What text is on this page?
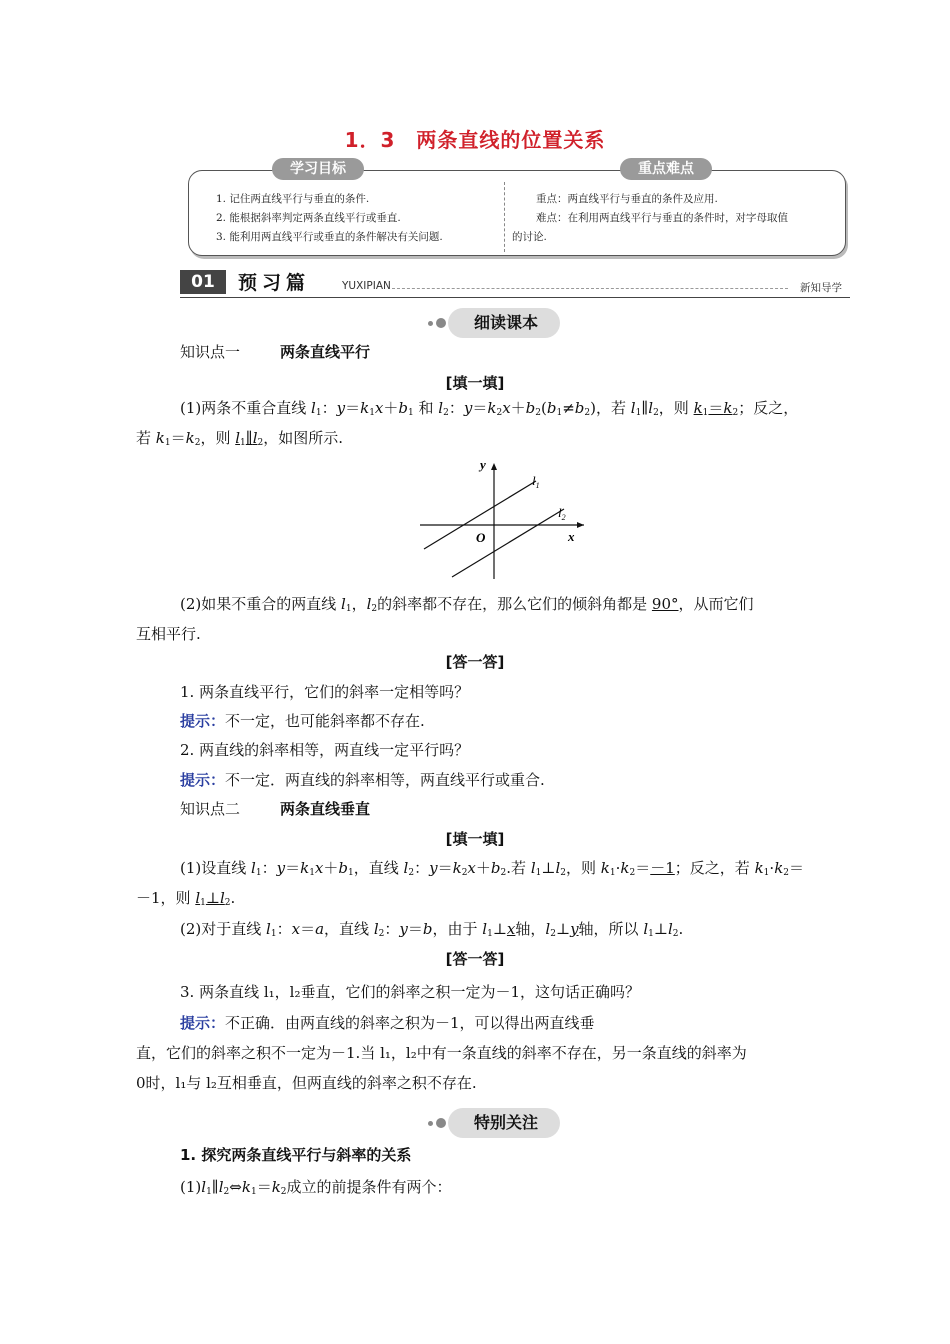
1．3　两条直线的位置关系
学习目标	重点难点
1. 记住两直线平行与垂直的条件.
2. 能根据斜率判定两条直线平行或垂直.
3. 能利用两直线平行或垂直的条件解决有关问题.
重点：两直线平行与垂直的条件及应用.
难点：在利用两直线平行与垂直的条件时，对字母取值
的讨论.
01	预习篇	YUXIPIAN	新知导学
细读课本
知识点一	两条直线平行
[填一填]
(1)两条不重合直线 $l_1$：$y=k_1x+b_1$ 和 $l_2$：$y=k_2x+b_2(b_1\ne b_2)$，若 $l_1\parallel l_2$，则 $k_1=k_2$；反之，
若 $k_1=k_2$，则 $l_1\parallel l_2$，如图所示.
y
x
O
$l_1$
$l_2$
(2)如果不重合的两直线 $l_1$，$l_2$的斜率都不存在，那么它们的倾斜角都是 90°，从而它们
互相平行.
[答一答]
1. 两条直线平行，它们的斜率一定相等吗？
提示：不一定，也可能斜率都不存在.
2. 两直线的斜率相等，两直线一定平行吗？
提示：不一定．两直线的斜率相等，两直线平行或重合.
知识点二	两条直线垂直
[填一填]
(1)设直线 $l_1$：$y=k_1x+b_1$，直线 $l_2$：$y=k_2x+b_2$.若 $l_1\perp l_2$，则 $k_1\cdot k_2=-1$；反之，若 $k_1\cdot k_2=$
－1，则 $l_1\perp l_2$.
(2)对于直线 $l_1$：x＝a，直线 $l_2$：y＝b，由于 $l_1\perp x$轴，$l_2\perp y$轴，所以 $l_1\perp l_2$.
[答一答]
3. 两条直线 l₁，l₂垂直，它们的斜率之积一定为－1，这句话正确吗？
提示：不正确．由两直线的斜率之积为－1，可以得出两直线垂
直，它们的斜率之积不一定为－1.当 l₁，l₂中有一条直线的斜率不存在，另一条直线的斜率为
0时，l₁与 l₂互相垂直，但两直线的斜率之积不存在.
特别关注
1. 探究两条直线平行与斜率的关系
$(1)l_1\parallel l_2\Leftrightarrow k_1=k_2$成立的前提条件有两个：
